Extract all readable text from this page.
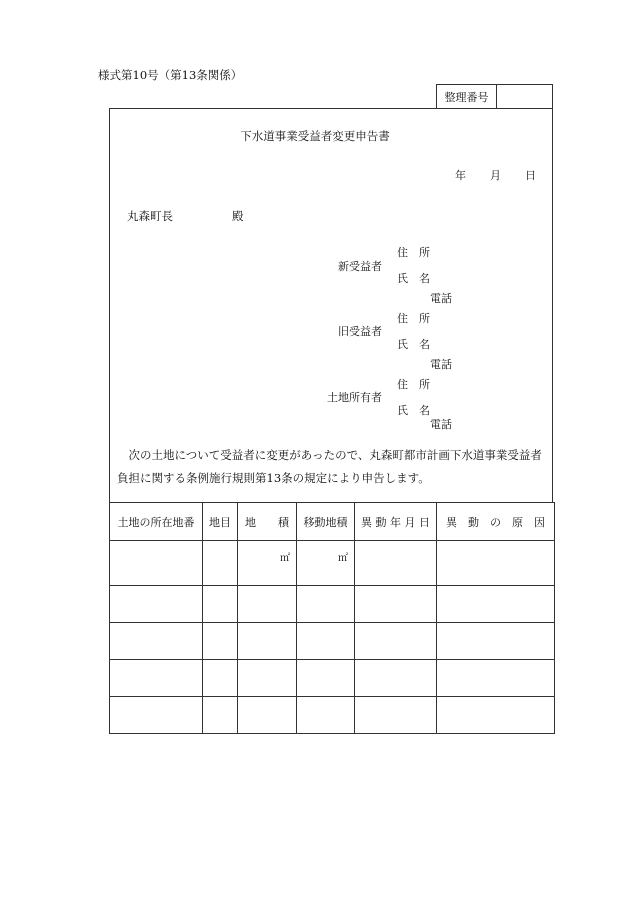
様式第10号（第13条関係）
整理番号
下水道事業受益者変更申告書
年 月 日
丸森町長	殿
新受益者
住　所
氏　名
電話
旧受益者
住　所
氏　名
電話
土地所有者
住　所
氏　名
電話
次の土地について受益者に変更があったので、丸森町都市計画下水道事業受益者負担に関する条例施行規則第13条の規定により申告します。
土地の所在地番	地目	地　　積	移動地積	異 動 年 月 日	異　動　の　原　因
		㎡	㎡		
